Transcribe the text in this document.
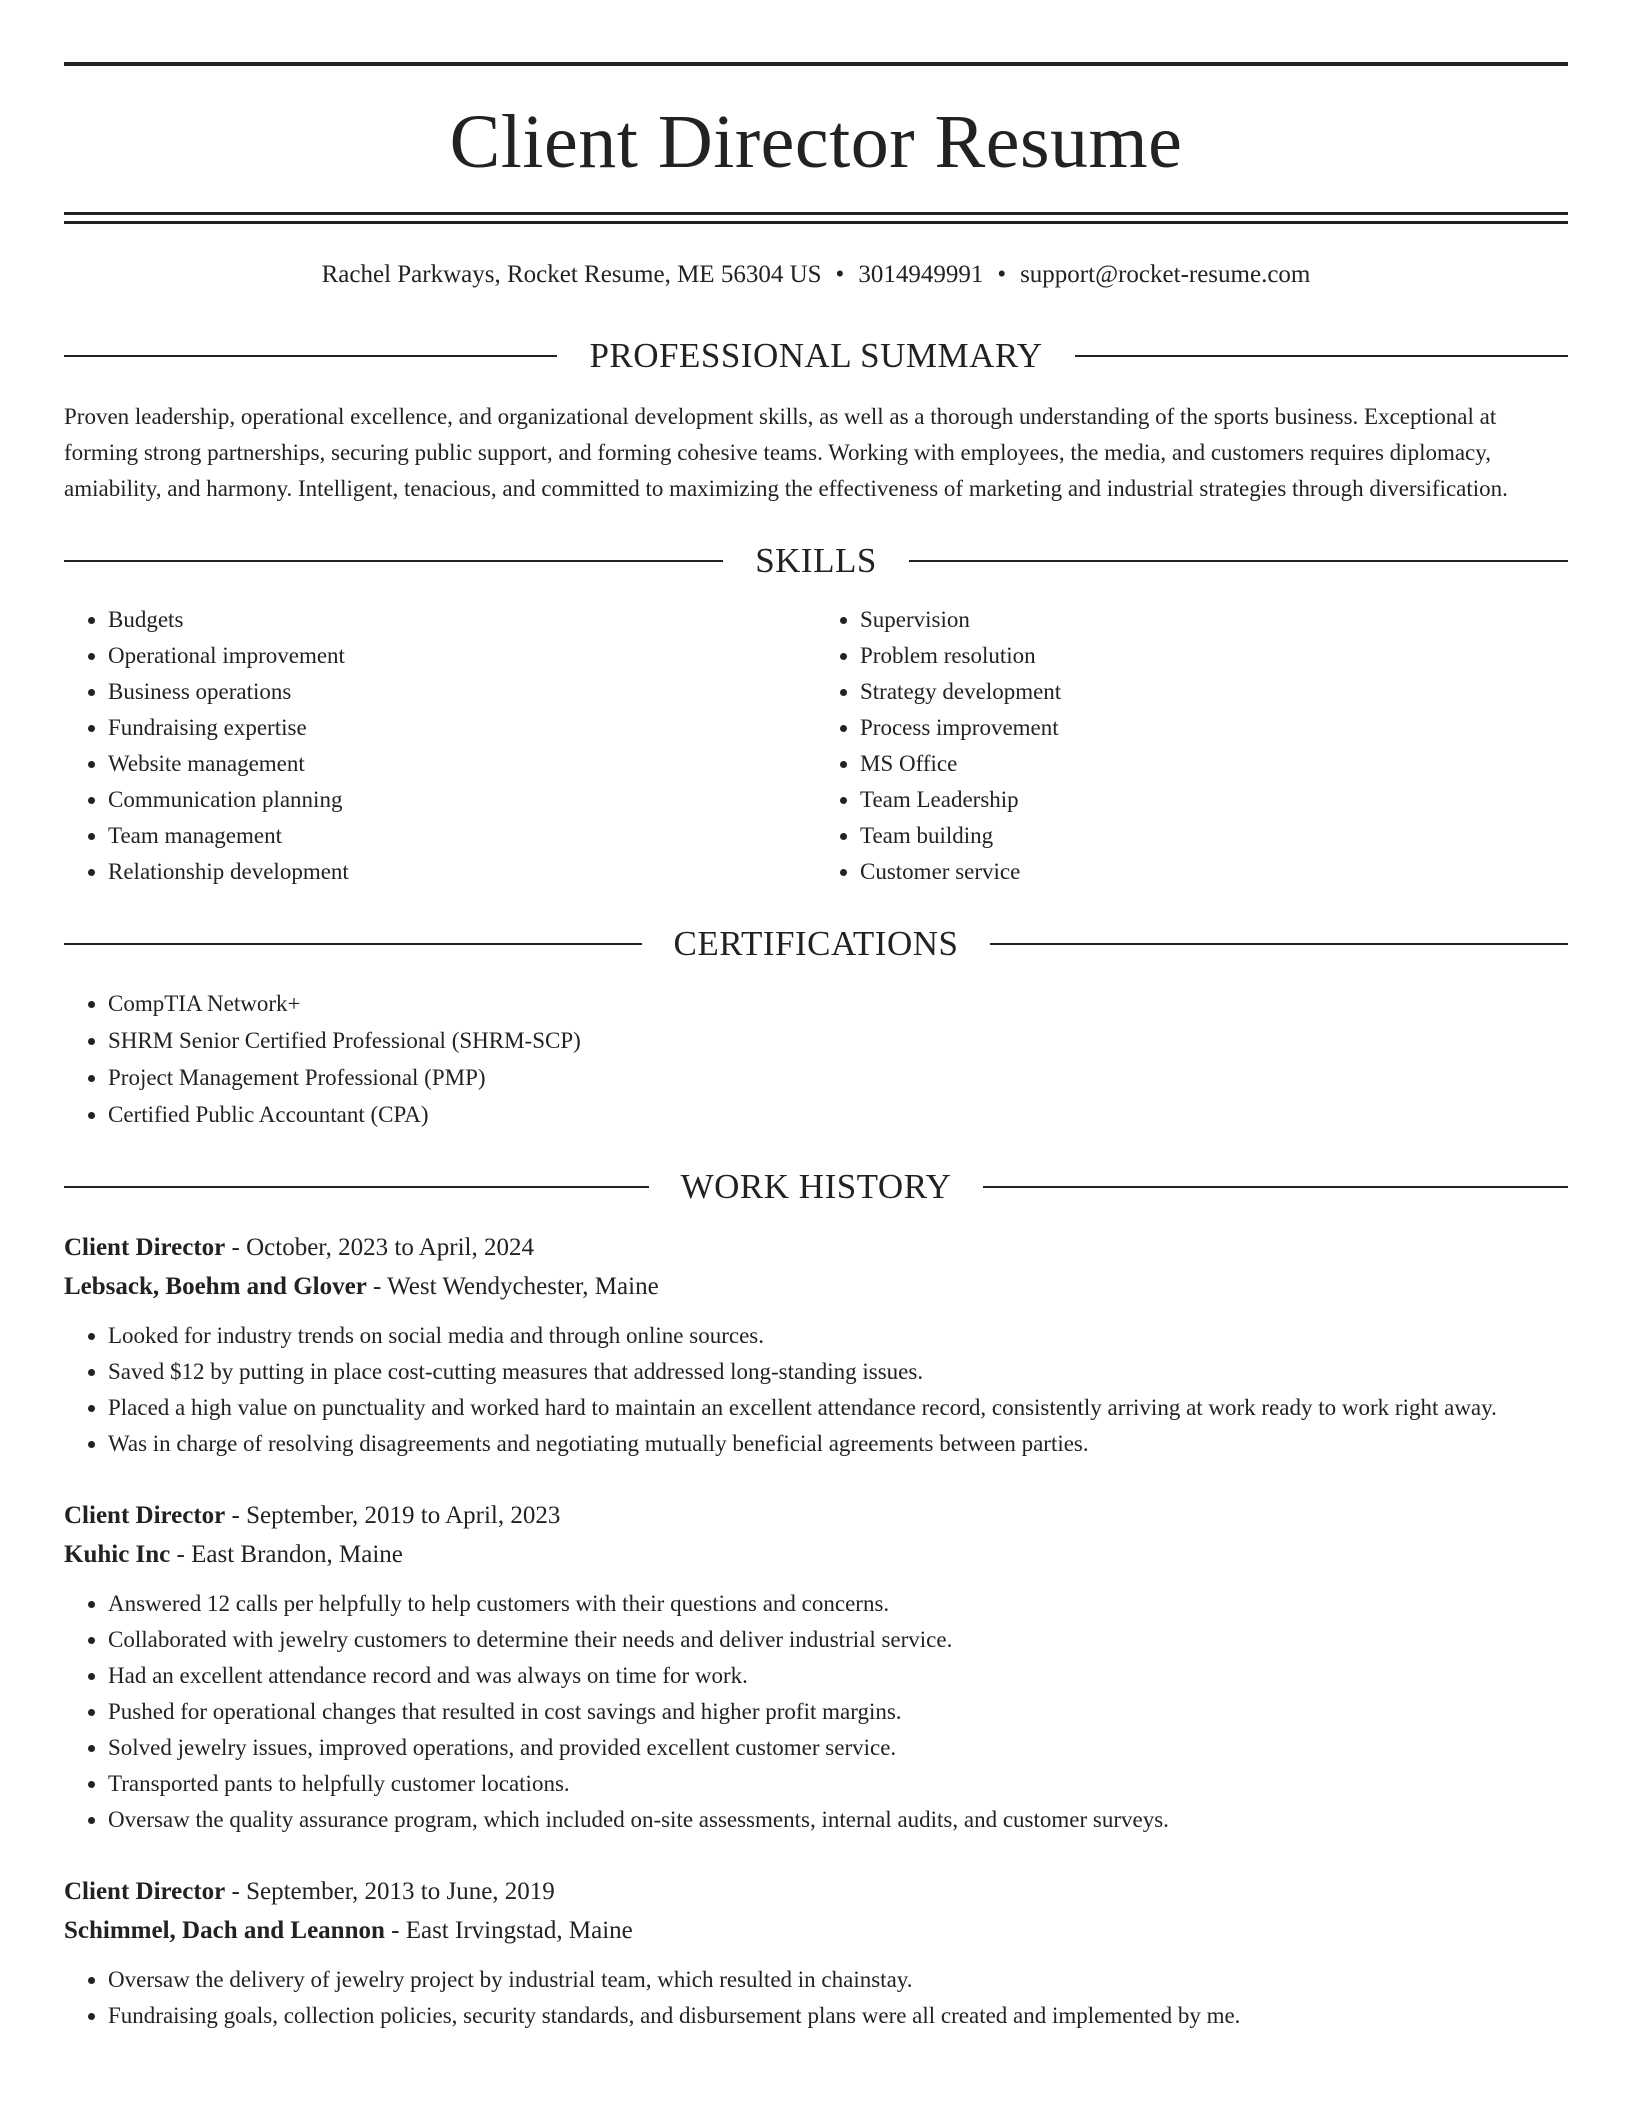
Client Director Resume
Rachel Parkways, Rocket Resume, ME 56304 US • 3014949991 • support@rocket-resume.com
PROFESSIONAL SUMMARY

Proven leadership, operational excellence, and organizational development skills, as well as a thorough understanding of the sports business. Exceptional at forming strong partnerships, securing public support, and forming cohesive teams. Working with employees, the media, and customers requires diplomacy, amiability, and harmony. Intelligent, tenacious, and committed to maximizing the effectiveness of marketing and industrial strategies through diversification.

SKILLS
• Budgets
• Operational improvement
• Business operations
• Fundraising expertise
• Website management
• Communication planning
• Team management
• Relationship development
• Supervision
• Problem resolution
• Strategy development
• Process improvement
• MS Office
• Team Leadership
• Team building
• Customer service
CERTIFICATIONS
• CompTIA Network+
• SHRM Senior Certified Professional (SHRM-SCP)
• Project Management Professional (PMP)
• Certified Public Accountant (CPA)
WORK HISTORY
Client Director - October, 2023 to April, 2024
Lebsack, Boehm and Glover - West Wendychester, Maine
• Looked for industry trends on social media and through online sources.
• Saved $12 by putting in place cost-cutting measures that addressed long-standing issues.
• Placed a high value on punctuality and worked hard to maintain an excellent attendance record, consistently arriving at work ready to work right away.
• Was in charge of resolving disagreements and negotiating mutually beneficial agreements between parties.
Client Director - September, 2019 to April, 2023
Kuhic Inc - East Brandon, Maine
• Answered 12 calls per helpfully to help customers with their questions and concerns.
• Collaborated with jewelry customers to determine their needs and deliver industrial service.
• Had an excellent attendance record and was always on time for work.
• Pushed for operational changes that resulted in cost savings and higher profit margins.
• Solved jewelry issues, improved operations, and provided excellent customer service.
• Transported pants to helpfully customer locations.
• Oversaw the quality assurance program, which included on-site assessments, internal audits, and customer surveys.
Client Director - September, 2013 to June, 2019
Schimmel, Dach and Leannon - East Irvingstad, Maine
• Oversaw the delivery of jewelry project by industrial team, which resulted in chainstay.
• Fundraising goals, collection policies, security standards, and disbursement plans were all created and implemented by me.
